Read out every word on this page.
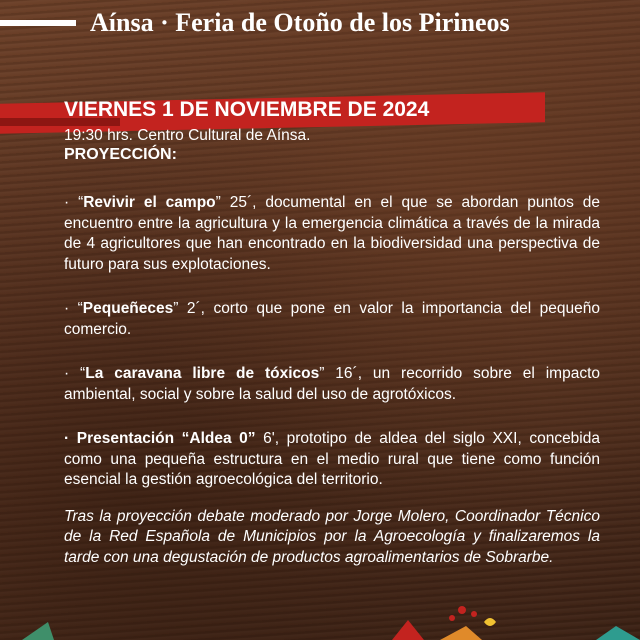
Aínsa · Feria de Otoño de los Pirineos
VIERNES 1 DE NOVIEMBRE DE 2024
19:30 hrs. Centro Cultural de Aínsa.
PROYECCIÓN:

· “Revivir el campo” 25´, documental en el que se abordan puntos de encuentro entre la agricultura y la emergencia climática a través de la mirada de 4 agricultores que han encontrado en la biodiversidad una perspectiva de futuro para sus explotaciones.

· “Pequeñeces” 2´, corto que pone en valor la importancia del pequeño comercio.

· “La caravana libre de tóxicos” 16´, un recorrido sobre el impacto ambiental, social y sobre la salud del uso de agrotóxicos.

· Presentación “Aldea 0” 6', prototipo de aldea del siglo XXI, concebida como una pequeña estructura en el medio rural que tiene como función esencial la gestión agroecológica del territorio.

Tras la proyección debate moderado por Jorge Molero, Coordinador Técnico de la Red Española de Municipios por la Agroecología y finalizaremos la tarde con una degustación de productos agroalimentarios de Sobrarbe.
